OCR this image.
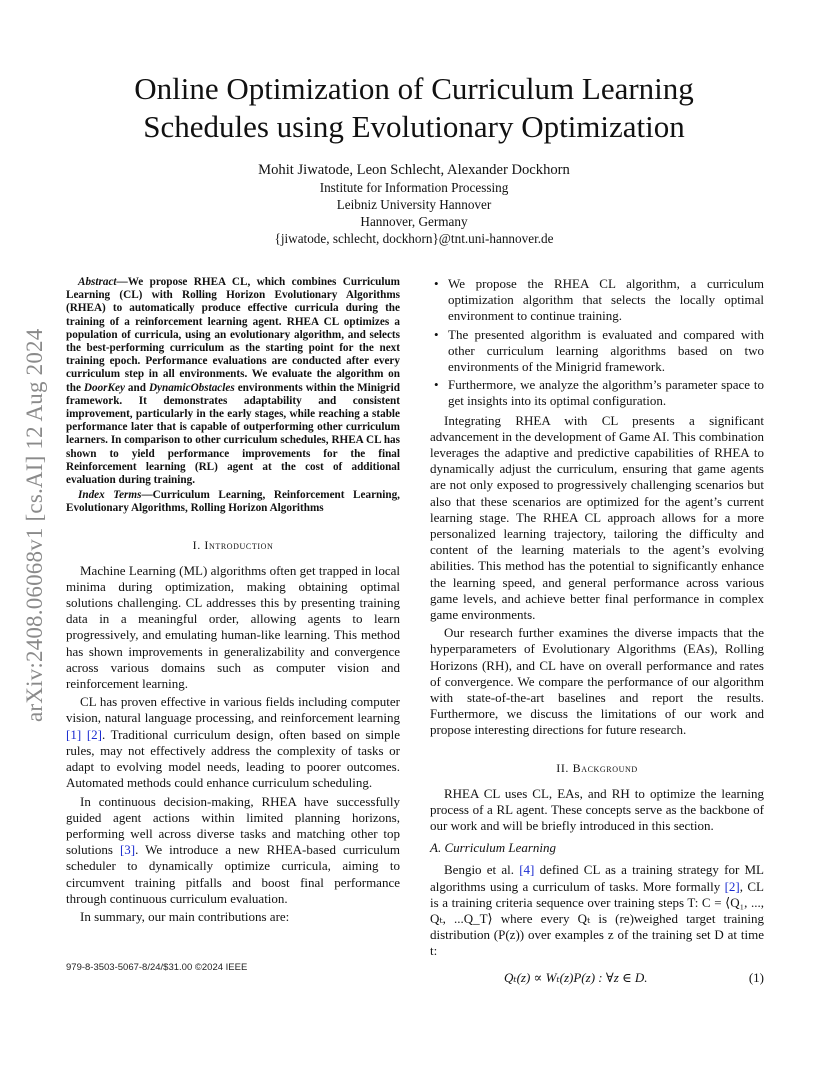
arXiv:2408.06068v1 [cs.AI] 12 Aug 2024
Online Optimization of Curriculum Learning
Schedules using Evolutionary Optimization
Mohit Jiwatode, Leon Schlecht, Alexander Dockhorn
Institute for Information Processing
Leibniz University Hannover
Hannover, Germany
{jiwatode, schlecht, dockhorn}@tnt.uni-hannover.de

Abstract—We propose RHEA CL, which combines Curriculum Learning (CL) with Rolling Horizon Evolutionary Algorithms (RHEA) to automatically produce effective curricula during the training of a reinforcement learning agent. RHEA CL optimizes a population of curricula, using an evolutionary algorithm, and selects the best-performing curriculum as the starting point for the next training epoch. Performance evaluations are conducted after every curriculum step in all environments. We evaluate the algorithm on the DoorKey and DynamicObstacles environments within the Minigrid framework. It demonstrates adaptability and consistent improvement, particularly in the early stages, while reaching a stable performance later that is capable of outperforming other curriculum learners. In comparison to other curriculum schedules, RHEA CL has shown to yield performance improvements for the final Reinforcement learning (RL) agent at the cost of additional evaluation during training.

Index Terms—Curriculum Learning, Reinforcement Learning, Evolutionary Algorithms, Rolling Horizon Algorithms

I. Introduction

Machine Learning (ML) algorithms often get trapped in local minima during optimization, making obtaining optimal solutions challenging. CL addresses this by presenting training data in a meaningful order, allowing agents to learn progressively, and emulating human-like learning. This method has shown improvements in generalizability and convergence across various domains such as computer vision and reinforcement learning.

CL has proven effective in various fields including computer vision, natural language processing, and reinforcement learning [1] [2]. Traditional curriculum design, often based on simple rules, may not effectively address the complexity of tasks or adapt to evolving model needs, leading to poorer outcomes. Automated methods could enhance curriculum scheduling.

In continuous decision-making, RHEA have successfully guided agent actions within limited planning horizons, performing well across diverse tasks and matching other top solutions [3]. We introduce a new RHEA-based curriculum scheduler to dynamically optimize curricula, aiming to circumvent training pitfalls and boost final performance through continuous curriculum evaluation.

In summary, our main contributions are:

• We propose the RHEA CL algorithm, a curriculum optimization algorithm that selects the locally optimal environment to continue training.
• The presented algorithm is evaluated and compared with other curriculum learning algorithms based on two environments of the Minigrid framework.
• Furthermore, we analyze the algorithm’s parameter space to get insights into its optimal configuration.

Integrating RHEA with CL presents a significant advancement in the development of Game AI. This combination leverages the adaptive and predictive capabilities of RHEA to dynamically adjust the curriculum, ensuring that game agents are not only exposed to progressively challenging scenarios but also that these scenarios are optimized for the agent’s current learning stage. The RHEA CL approach allows for a more personalized learning trajectory, tailoring the difficulty and content of the learning materials to the agent’s evolving abilities. This method has the potential to significantly enhance the learning speed, and general performance across various game levels, and achieve better final performance in complex game environments.

Our research further examines the diverse impacts that the hyperparameters of Evolutionary Algorithms (EAs), Rolling Horizons (RH), and CL have on overall performance and rates of convergence. We compare the performance of our algorithm with state-of-the-art baselines and report the results. Furthermore, we discuss the limitations of our work and propose interesting directions for future research.

II. Background

RHEA CL uses CL, EAs, and RH to optimize the learning process of a RL agent. These concepts serve as the backbone of our work and will be briefly introduced in this section.

A. Curriculum Learning

Bengio et al. [4] defined CL as a training strategy for ML algorithms using a curriculum of tasks. More formally [2], CL is a training criteria sequence over training steps T: C = ⟨Q₁, ..., Qₜ, ...Q_T⟩ where every Qₜ is (re)weighed target training distribution (P(z)) over examples z of the training set D at time t:

Qₜ(z) ∝ Wₜ(z)P(z) : ∀z ∈ D.	(1)
979-8-3503-5067-8/24/$31.00 ©2024 IEEE
